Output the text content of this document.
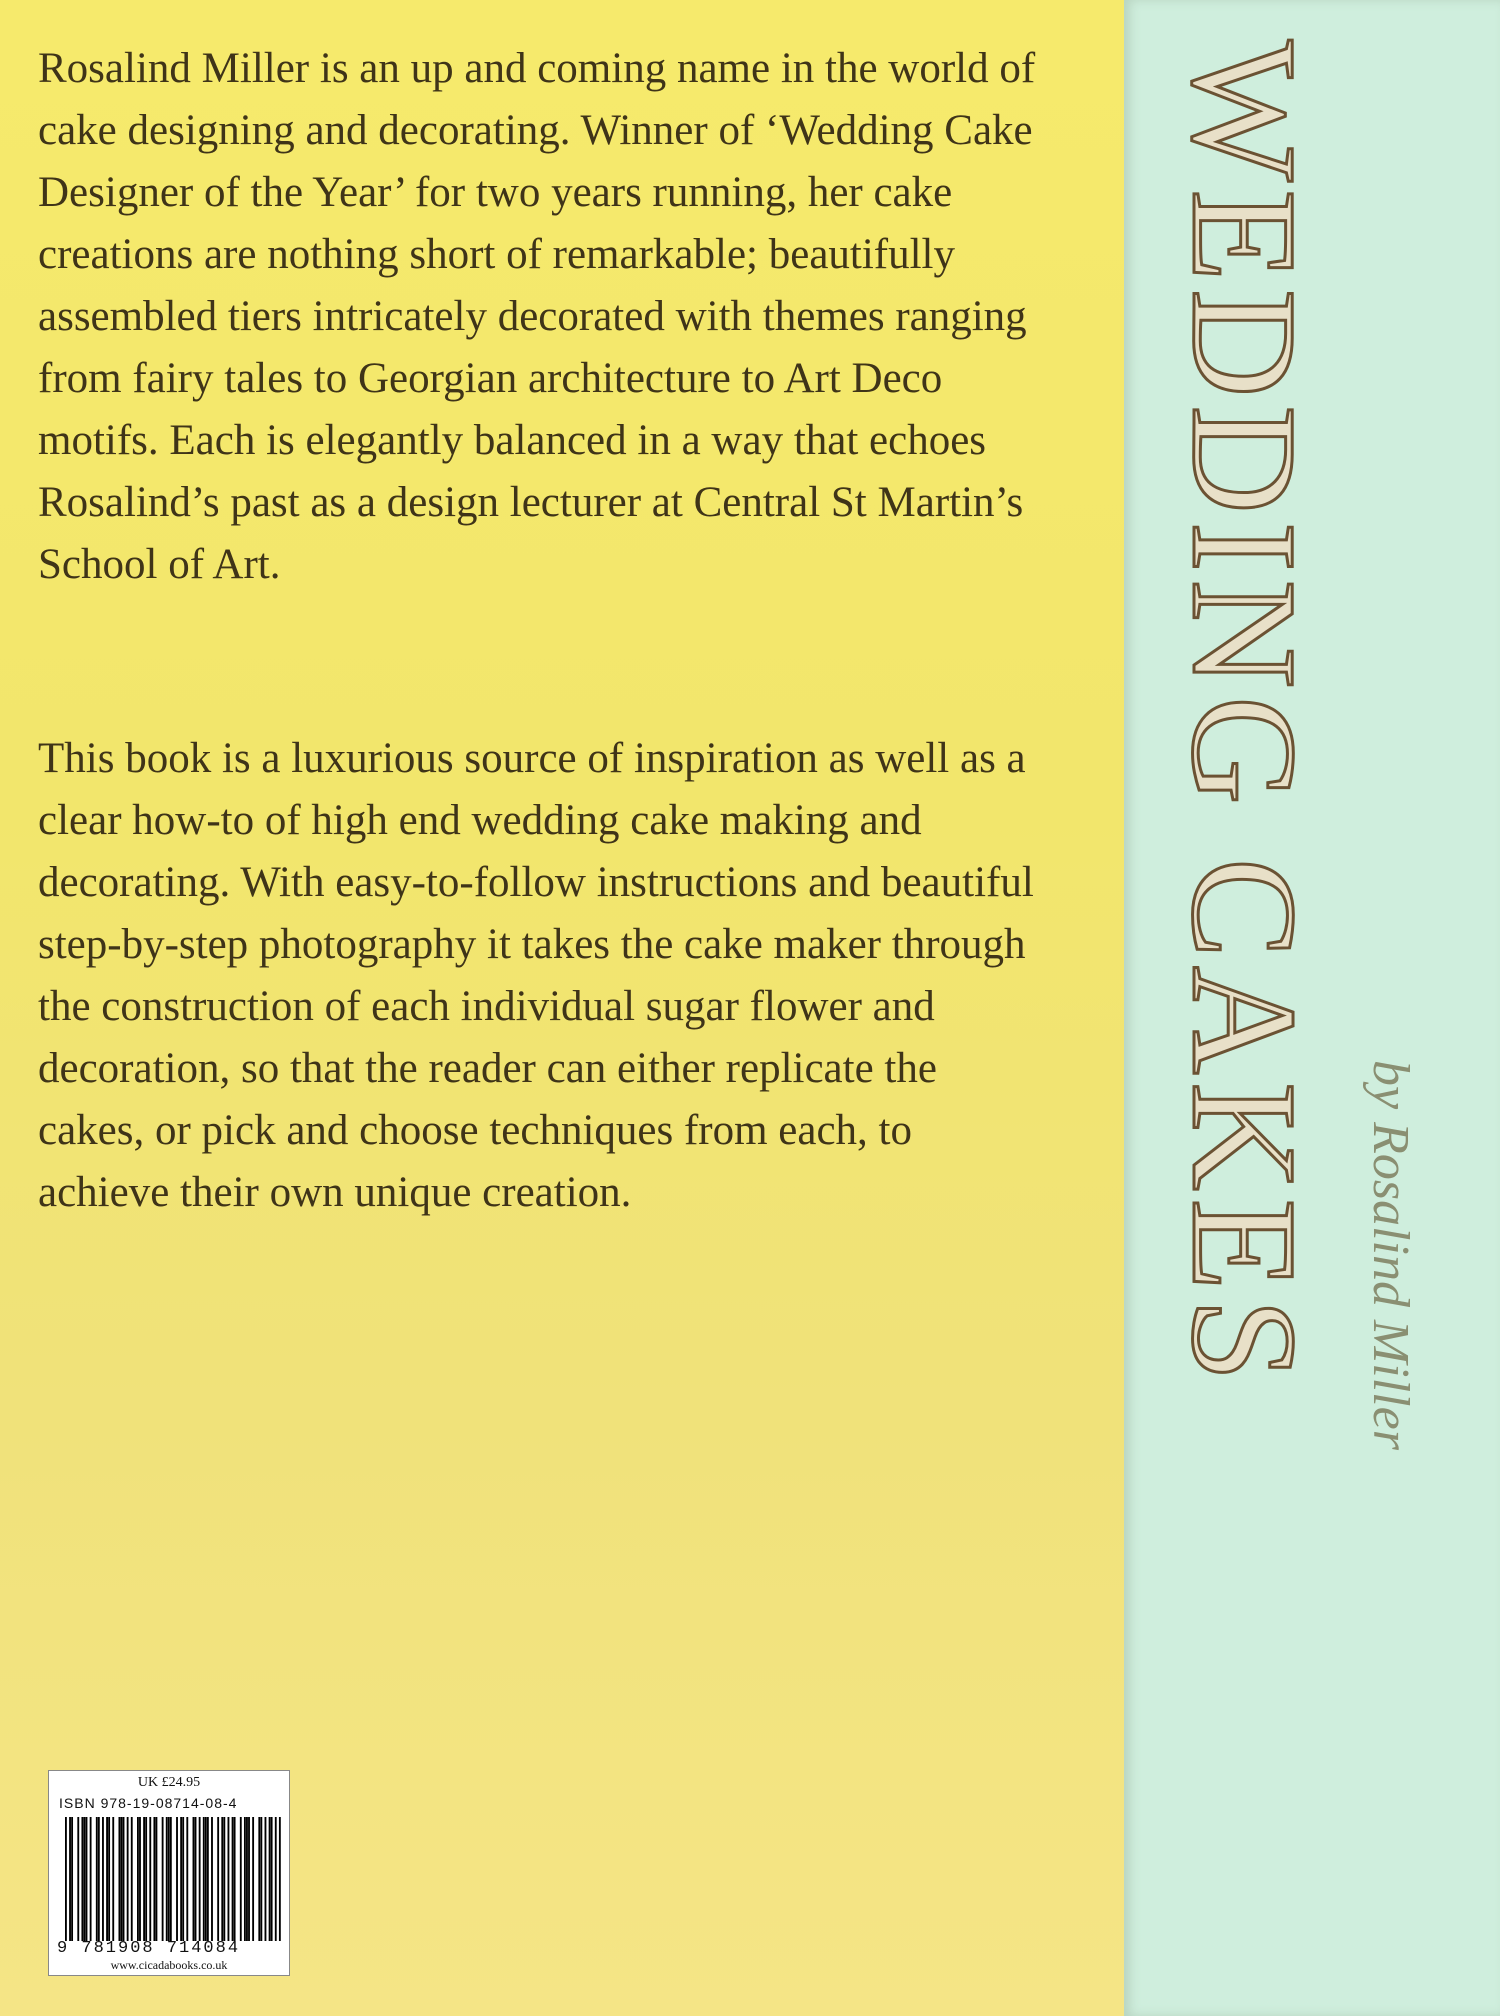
Rosalind Miller is an up and coming name in the world of cake designing and decorating. Winner of ‘Wedding Cake Designer of the Year’ for two years running, her cake creations are nothing short of remarkable; beautifully assembled tiers intricately decorated with themes ranging from fairy tales to Georgian architecture to Art Deco motifs. Each is elegantly balanced in a way that echoes Rosalind’s past as a design lecturer at Central St Martin’s School of Art.

This book is a luxurious source of inspiration as well as a clear how-to of high end wedding cake making and decorating. With easy-to-follow instructions and beautiful step-by-step photography it takes the cake maker through the construction of each individual sugar flower and decoration, so that the reader can either replicate the cakes, or pick and choose techniques from each, to achieve their own unique creation.

UK £24.95
ISBN 978-19-08714-08-4
9 781908 714084
www.cicadabooks.co.uk
WEDDING CAKES by Rosalind Miller
